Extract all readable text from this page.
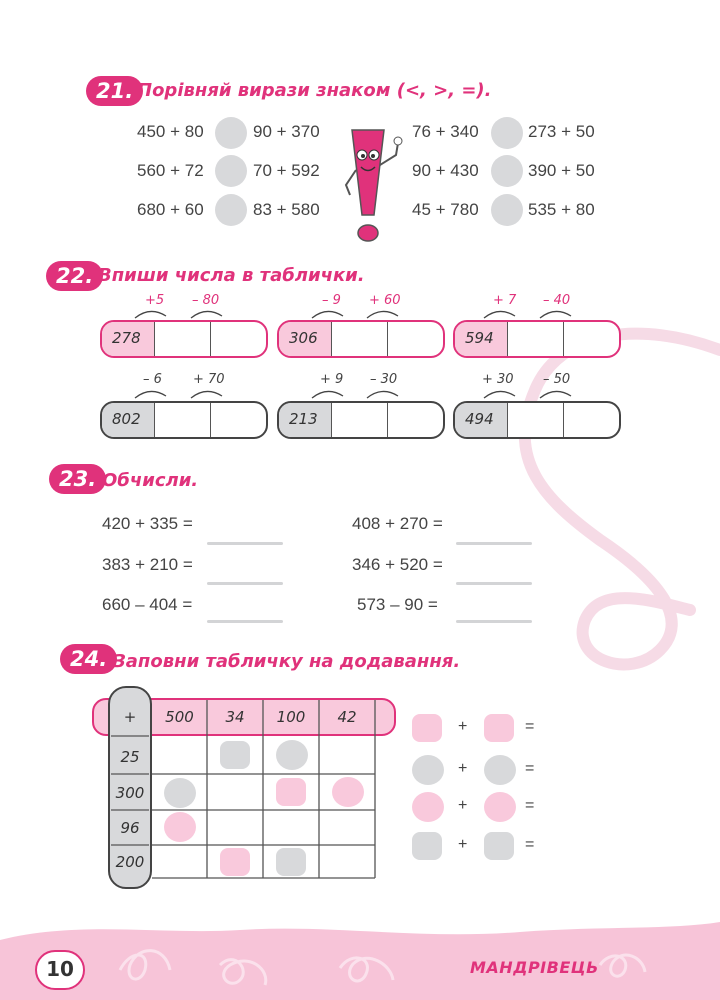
21. Порівняй вирази знаком (<, >, =).
450 + 80	90 + 370
560 + 72	70 + 592
680 + 60	83 + 580
76 + 340	273 + 50
90 + 430	390 + 50
45 + 780	535 + 80
22. Впиши числа в таблички.
+5 – 80	– 9 + 60	+ 7 – 40
278	306	594
– 6 + 70	+ 9 – 30	+ 30 – 50
802	213	494
23. Обчисли.
420 + 335 =
383 + 210 =
660 – 404 =
408 + 270 =
346 + 520 =
573 – 90 =
24. Заповни табличку на додавання.
+	500	34	100	42
25
300
96
200
+	=
+	=
+	=
+	=
10	МАНДРІВЕЦЬ
